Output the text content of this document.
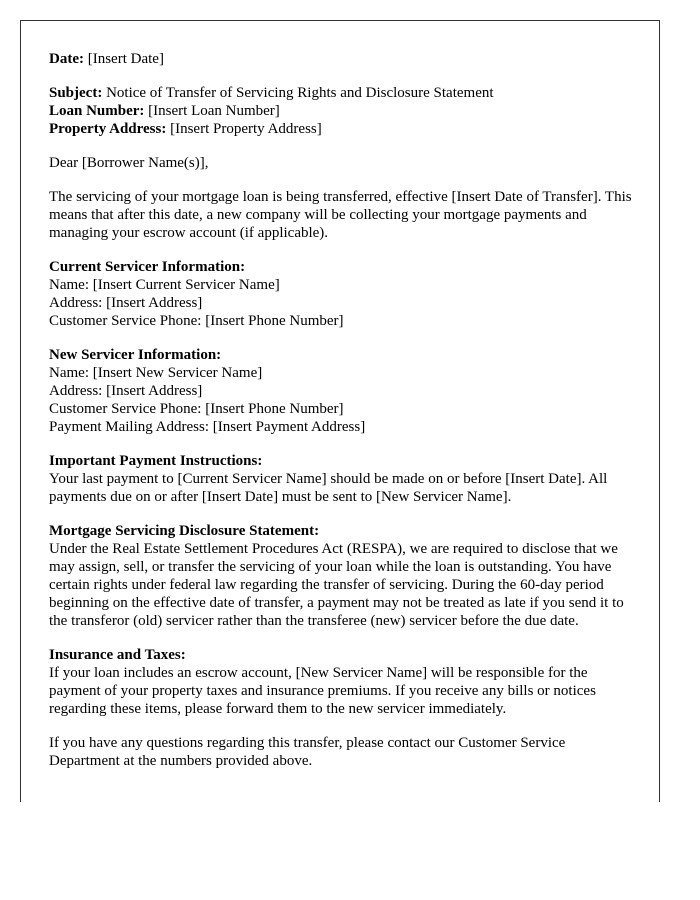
Date: [Insert Date]

Subject: Notice of Transfer of Servicing Rights and Disclosure Statement
Loan Number: [Insert Loan Number]
Property Address: [Insert Property Address]

Dear [Borrower Name(s)],

The servicing of your mortgage loan is being transferred, effective [Insert Date of Transfer]. This means that after this date, a new company will be collecting your mortgage payments and managing your escrow account (if applicable).

Current Servicer Information:
Name: [Insert Current Servicer Name]
Address: [Insert Address]
Customer Service Phone: [Insert Phone Number]

New Servicer Information:
Name: [Insert New Servicer Name]
Address: [Insert Address]
Customer Service Phone: [Insert Phone Number]
Payment Mailing Address: [Insert Payment Address]

Important Payment Instructions:
Your last payment to [Current Servicer Name] should be made on or before [Insert Date]. All payments due on or after [Insert Date] must be sent to [New Servicer Name].

Mortgage Servicing Disclosure Statement:
Under the Real Estate Settlement Procedures Act (RESPA), we are required to disclose that we may assign, sell, or transfer the servicing of your loan while the loan is outstanding. You have certain rights under federal law regarding the transfer of servicing. During the 60-day period beginning on the effective date of transfer, a payment may not be treated as late if you send it to the transferor (old) servicer rather than the transferee (new) servicer before the due date.

Insurance and Taxes:
If your loan includes an escrow account, [New Servicer Name] will be responsible for the payment of your property taxes and insurance premiums. If you receive any bills or notices regarding these items, please forward them to the new servicer immediately.

If you have any questions regarding this transfer, please contact our Customer Service Department at the numbers provided above.
